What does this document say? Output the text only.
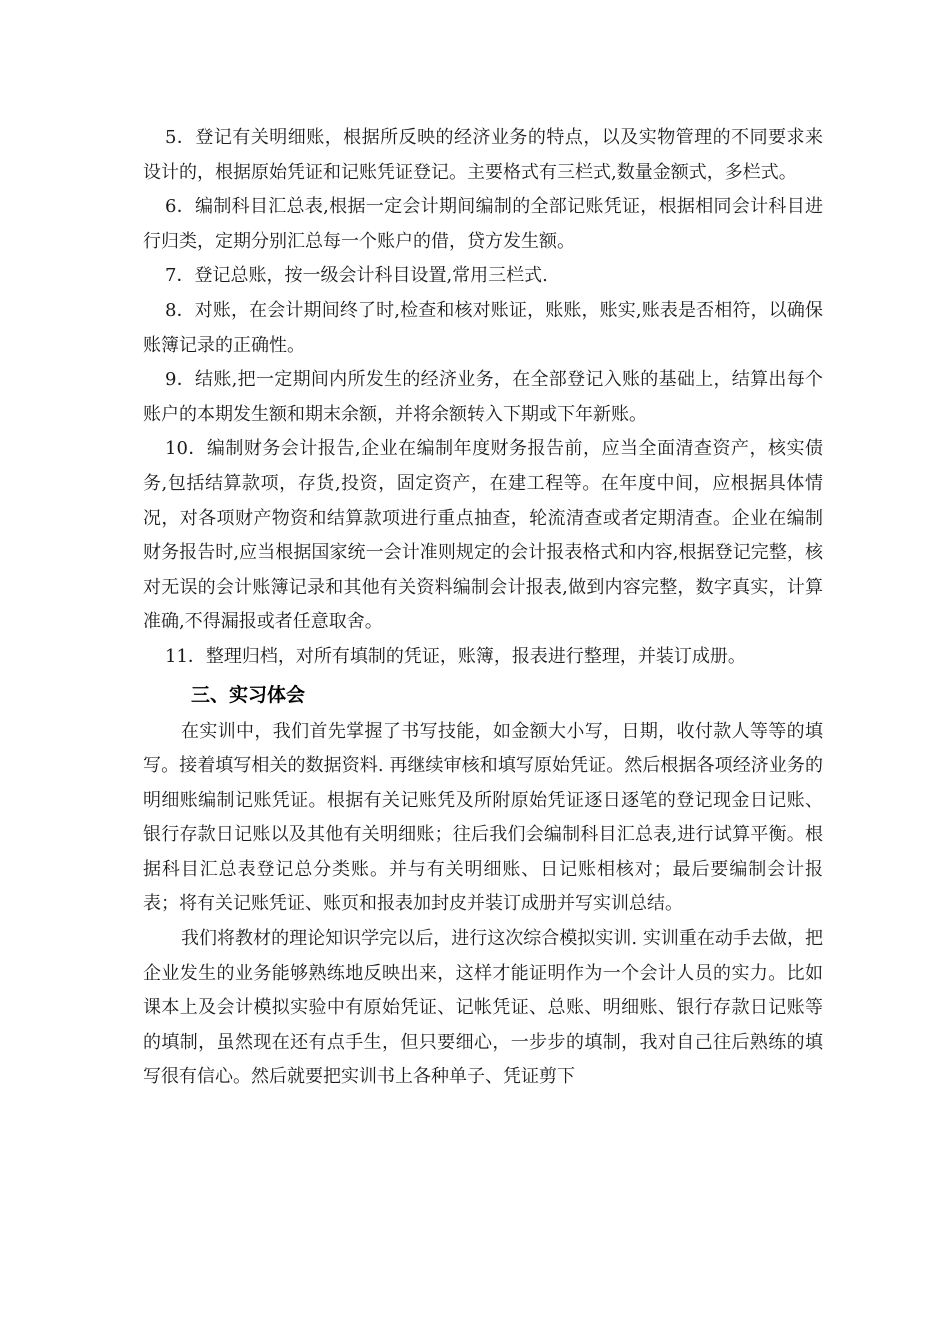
5．登记有关明细账，根据所反映的经济业务的特点，以及实物管理的不同要求来设计的，根据原始凭证和记账凭证登记。主要格式有三栏式,数量金额式，多栏式。

6．编制科目汇总表,根据一定会计期间编制的全部记账凭证，根据相同会计科目进行归类，定期分别汇总每一个账户的借，贷方发生额。

7．登记总账，按一级会计科目设置,常用三栏式.

8．对账，在会计期间终了时,检查和核对账证，账账，账实,账表是否相符，以确保账簿记录的正确性。

9．结账,把一定期间内所发生的经济业务，在全部登记入账的基础上，结算出每个账户的本期发生额和期末余额，并将余额转入下期或下年新账。

10．编制财务会计报告,企业在编制年度财务报告前，应当全面清查资产，核实债务,包括结算款项，存货,投资，固定资产，在建工程等。在年度中间，应根据具体情况，对各项财产物资和结算款项进行重点抽查，轮流清查或者定期清查。企业在编制财务报告时,应当根据国家统一会计准则规定的会计报表格式和内容,根据登记完整，核对无误的会计账簿记录和其他有关资料编制会计报表,做到内容完整，数字真实，计算准确,不得漏报或者任意取舍。

11．整理归档，对所有填制的凭证，账簿，报表进行整理，并装订成册。

三、实习体会

在实训中，我们首先掌握了书写技能，如金额大小写，日期，收付款人等等的填写。接着填写相关的数据资料. 再继续审核和填写原始凭证。然后根据各项经济业务的明细账编制记账凭证。根据有关记账凭及所附原始凭证逐日逐笔的登记现金日记账、银行存款日记账以及其他有关明细账；往后我们会编制科目汇总表,进行试算平衡。根据科目汇总表登记总分类账。并与有关明细账、日记账相核对；最后要编制会计报表；将有关记账凭证、账页和报表加封皮并装订成册并写实训总结。

我们将教材的理论知识学完以后，进行这次综合模拟实训. 实训重在动手去做，把企业发生的业务能够熟练地反映出来，这样才能证明作为一个会计人员的实力。比如课本上及会计模拟实验中有原始凭证、记帐凭证、总账、明细账、银行存款日记账等的填制，虽然现在还有点手生，但只要细心，一步步的填制，我对自己往后熟练的填写很有信心。然后就要把实训书上各种单子、凭证剪下
